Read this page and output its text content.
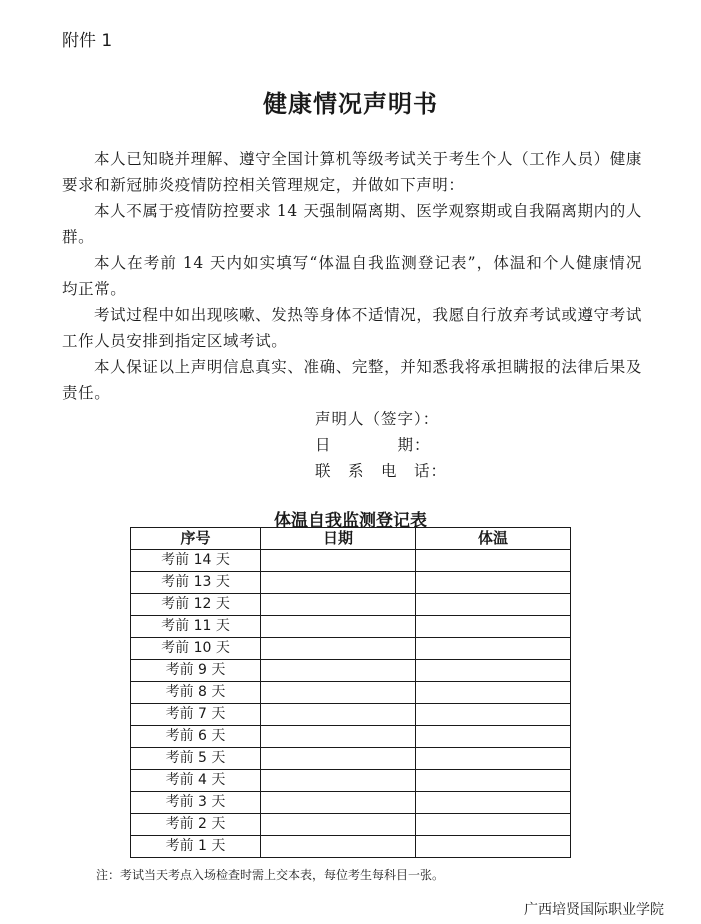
附件 1
健康情况声明书
本人已知晓并理解、遵守全国计算机等级考试关于考生个人（工作人员）健康要求和新冠肺炎疫情防控相关管理规定，并做如下声明：
本人不属于疫情防控要求 14 天强制隔离期、医学观察期或自我隔离期内的人群。
本人在考前 14 天内如实填写“体温自我监测登记表”，体温和个人健康情况均正常。
考试过程中如出现咳嗽、发热等身体不适情况，我愿自行放弃考试或遵守考试工作人员安排到指定区域考试。
本人保证以上声明信息真实、准确、完整，并知悉我将承担瞒报的法律后果及责任。
声明人（签字）：
日　　　　期：
联　系　电　话：
体温自我监测登记表
序号	日期	体温
考前 14 天		
考前 13 天		
考前 12 天		
考前 11 天		
考前 10 天		
考前 9 天		
考前 8 天		
考前 7 天		
考前 6 天		
考前 5 天		
考前 4 天		
考前 3 天		
考前 2 天		
考前 1 天		
注：考试当天考点入场检查时需上交本表，每位考生每科目一张。
广西培贤国际职业学院
